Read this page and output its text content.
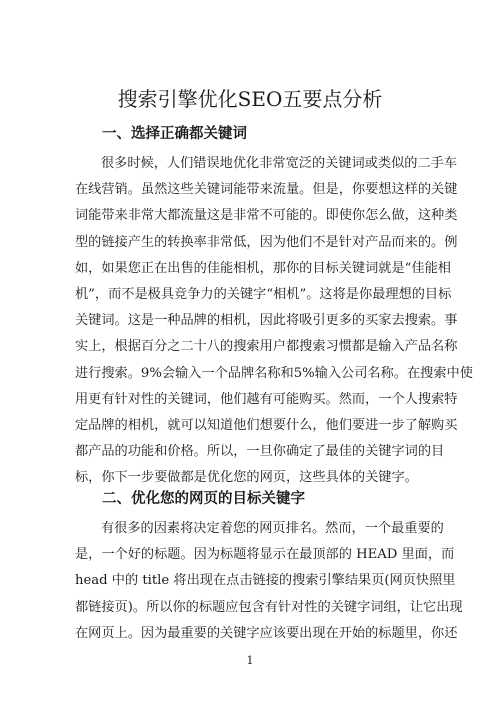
搜索引擎优化SEO五要点分析
一、选择正确都关键词
很多时候，人们错误地优化非常宽泛的关键词或类似的二手车
在线营销。虽然这些关键词能带来流量。但是，你要想这样的关键
词能带来非常大都流量这是非常不可能的。即使你怎么做，这种类
型的链接产生的转换率非常低，因为他们不是针对产品而来的。例
如，如果您正在出售的佳能相机，那你的目标关键词就是“佳能相
机”，而不是极具竞争力的关键字“相机”。这将是你最理想的目标
关键词。这是一种品牌的相机，因此将吸引更多的买家去搜索。事
实上，根据百分之二十八的搜索用户都搜索习惯都是输入产品名称
进行搜索。9%会输入一个品牌名称和5%输入公司名称。在搜索中使
用更有针对性的关键词，他们越有可能购买。然而，一个人搜索特
定品牌的相机，就可以知道他们想要什么，他们要进一步了解购买
都产品的功能和价格。所以，一旦你确定了最佳的关键字词的目
标，你下一步要做都是优化您的网页，这些具体的关键字。
二、优化您的网页的目标关键字
有很多的因素将决定着您的网页排名。然而，一个最重要的
是，一个好的标题。因为标题将显示在最顶部的 HEAD 里面，而
head 中的 title 将出现在点击链接的搜索引擎结果页(网页快照里
都链接页)。所以你的标题应包含有针对性的关键字词组，让它出现
在网页上。因为最重要的关键字应该要出现在开始的标题里，你还
1
